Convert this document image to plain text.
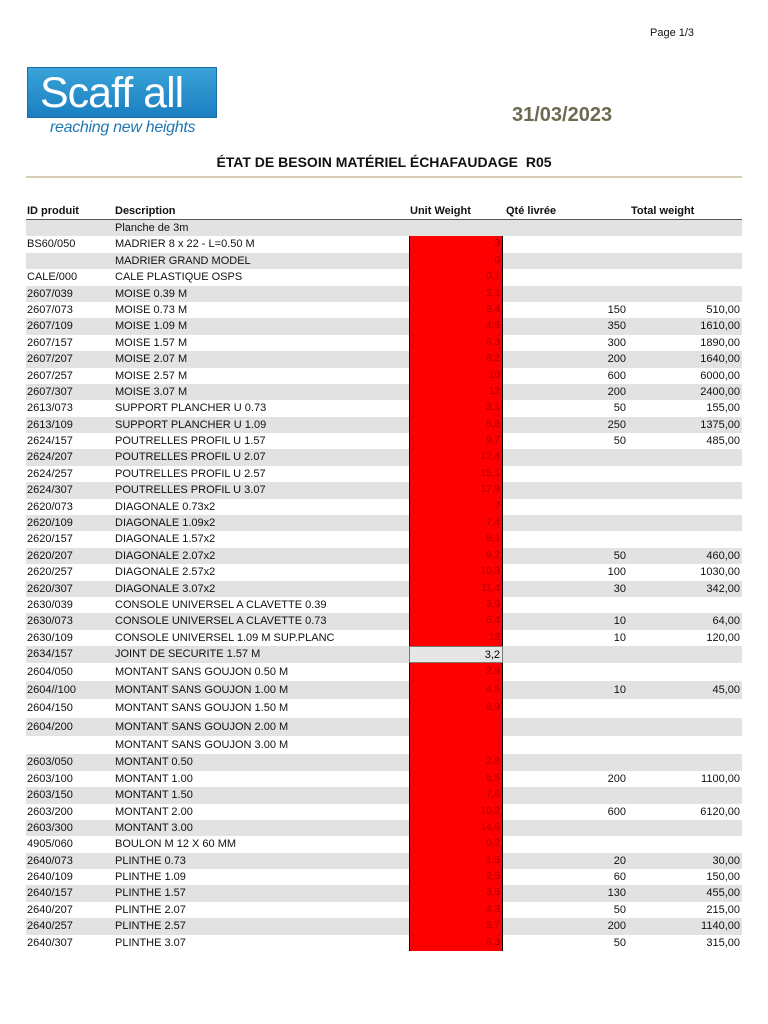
Page 1/3
Scaff all
reaching new heights
31/03/2023
ÉTAT DE BESOIN MATÉRIEL ÉCHAFAUDAGE R05
ID produit	Description	Unit Weight	Qté livrée	Total weight
Planche de 3m
BS60/050	MADRIER 8 x 22 - L=0.50 M	3
MADRIER GRAND MODEL	0
CALE/000	CALE PLASTIQUE OSPS	0,1
2607/039	MOISE 0.39 M	2,1
2607/073	MOISE 0.73 M	3,4	150	510,00
2607/109	MOISE 1.09 M	4,6	350	1610,00
2607/157	MOISE 1.57 M	6,3	300	1890,00
2607/207	MOISE 2.07 M	8,2	200	1640,00
2607/257	MOISE 2.57 M	10	600	6000,00
2607/307	MOISE 3.07 M	12	200	2400,00
2613/073	SUPPORT PLANCHER U 0.73	3,1	50	155,00
2613/109	SUPPORT PLANCHER U 1.09	5,5	250	1375,00
2624/157	POUTRELLES PROFIL U 1.57	9,7	50	485,00
2624/207	POUTRELLES PROFIL U 2.07	12,4
2624/257	POUTRELLES PROFIL U 2.57	15,1
2624/307	POUTRELLES PROFIL U 3.07	17,9
2620/073	DIAGONALE 0.73x2	7
2620/109	DIAGONALE 1.09x2	7,4
2620/157	DIAGONALE 1.57x2	8,1
2620/207	DIAGONALE 2.07x2	9,2	50	460,00
2620/257	DIAGONALE 2.57x2	10,3	100	1030,00
2620/307	DIAGONALE 3.07x2	11,4	30	342,00
2630/039	CONSOLE UNIVERSEL A CLAVETTE 0.39	3,9
2630/073	CONSOLE UNIVERSEL A CLAVETTE 0.73	6,4	10	64,00
2630/109	CONSOLE UNIVERSEL 1.09 M SUP.PLANC	12	10	120,00
2634/157	JOINT DE SECURITE 1.57 M	3,2
2604/050	MONTANT SANS GOUJON 0.50 M	2,9
2604//100	MONTANT SANS GOUJON 1.00 M	4,5	10	45,00
2604/150	MONTANT SANS GOUJON 1.50 M	6,9
2604/200	MONTANT SANS GOUJON 2.00 M
MONTANT SANS GOUJON 3.00 M
2603/050	MONTANT 0.50	2,8
2603/100	MONTANT 1.00	5,5	200	1100,00
2603/150	MONTANT 1.50	7,6
2603/200	MONTANT 2.00	10,2	600	6120,00
2603/300	MONTANT 3.00	14,6
4905/060	BOULON M 12 X 60 MM	0,2
2640/073	PLINTHE 0.73	1,5	20	30,00
2640/109	PLINTHE 1.09	2,5	60	150,00
2640/157	PLINTHE 1.57	3,5	130	455,00
2640/207	PLINTHE 2.07	4,3	50	215,00
2640/257	PLINTHE 2.57	5,7	200	1140,00
2640/307	PLINTHE 3.07	6,3	50	315,00
